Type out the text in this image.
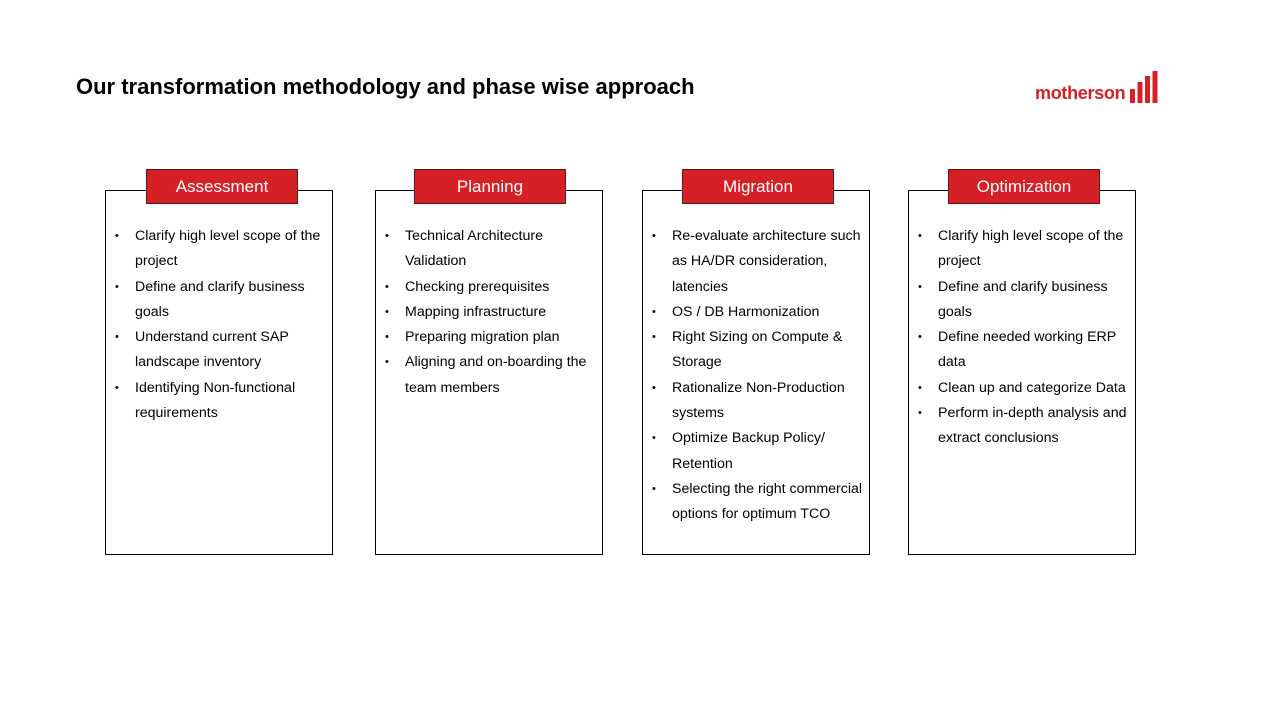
Our transformation methodology and phase wise approach	motherson
• Clarify high level scope of the project
• Define and clarify business goals
• Understand current SAP landscape inventory
• Identifying Non-functional requirements
Assessment
• Technical Architecture Validation
• Checking prerequisites
• Mapping infrastructure
• Preparing migration plan
• Aligning and on-boarding the team members
Planning
• Re-evaluate architecture such as HA/DR consideration, latencies
• OS / DB Harmonization
• Right Sizing on Compute & Storage
• Rationalize Non-Production systems
• Optimize Backup Policy/ Retention
• Selecting the right commercial options for optimum TCO
Migration
• Clarify high level scope of the project
• Define and clarify business goals
• Define needed working ERP data
• Clean up and categorize Data
• Perform in-depth analysis and extract conclusions
Optimization
